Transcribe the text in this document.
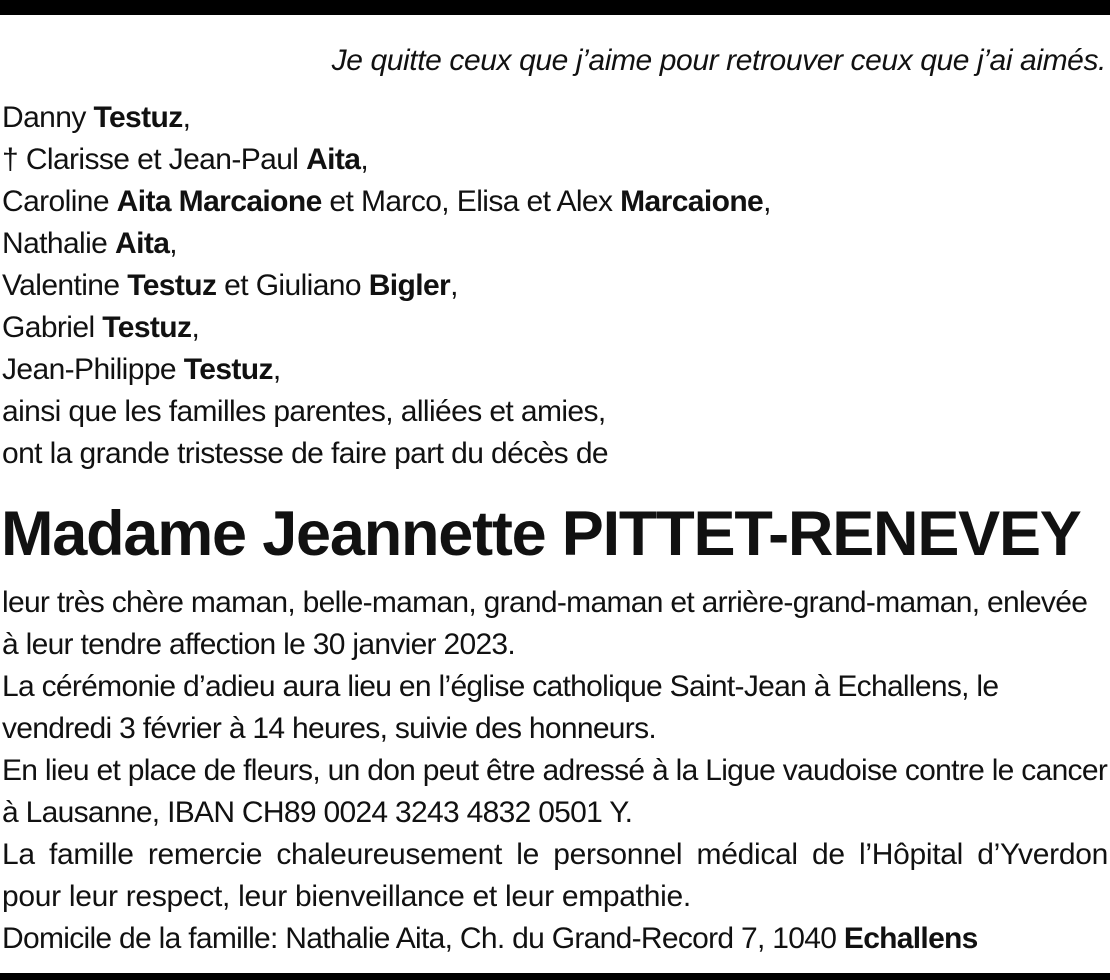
Je quitte ceux que j’aime pour retrouver ceux que j’ai aimés.
Danny Testuz,
† Clarisse et Jean-Paul Aita,
Caroline Aita Marcaione et Marco, Elisa et Alex Marcaione,
Nathalie Aita,
Valentine Testuz et Giuliano Bigler,
Gabriel Testuz,
Jean-Philippe Testuz,
ainsi que les familles parentes, alliées et amies,
ont la grande tristesse de faire part du décès de
Madame Jeannette PITTET-RENEVEY

leur très chère maman, belle-maman, grand-maman et arrière-grand-maman, enlevée à leur tendre affection le 30 janvier 2023.

La cérémonie d’adieu aura lieu en l’église catholique Saint-Jean à Echallens, le vendredi 3 février à 14 heures, suivie des honneurs.

En lieu et place de fleurs, un don peut être adressé à la Ligue vaudoise contre le cancer à Lausanne, IBAN CH89 0024 3243 4832 0501 Y.

La famille remercie chaleureusement le personnel médical de l’Hôpital d’Yverdon pour leur respect, leur bienveillance et leur empathie.

Domicile de la famille: Nathalie Aita, Ch. du Grand-Record 7, 1040 Echallens
